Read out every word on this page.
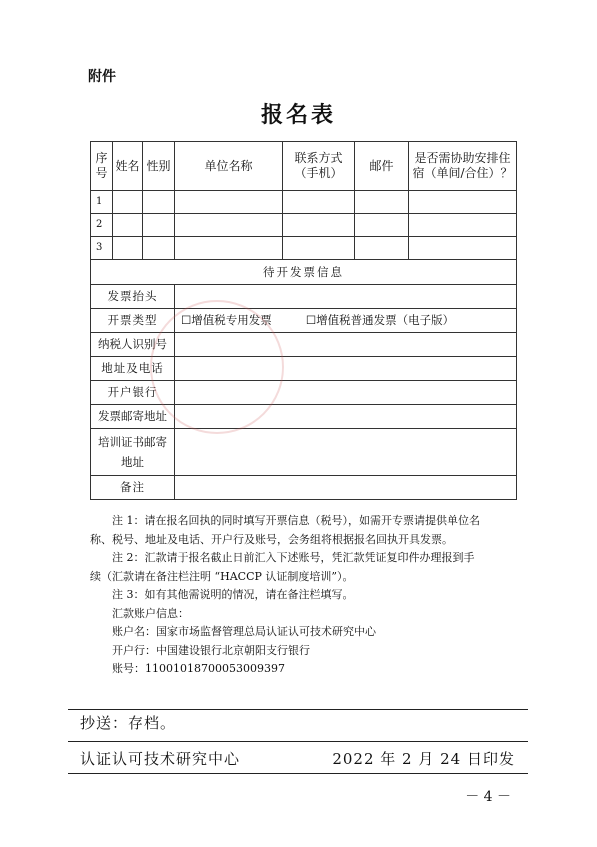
附件
报名表
序号	姓名	性别	单位名称	联系方式（手机）	邮件	是否需协助安排住宿（单间/合住）？
1						
2						
3						
待开发票信息						
发票抬头						
开票类型			☐增值税专用发票 ☐增值税普通发票（电子版）			
纳税人识别号						
地址及电话						
开户银行						
发票邮寄地址						

培训证书邮寄
地址						

备注						
注 1：请在报名回执的同时填写开票信息（税号），如需开专票请提供单位名
称、税号、地址及电话、开户行及账号，会务组将根据报名回执开具发票。
注 2：汇款请于报名截止日前汇入下述账号，凭汇款凭证复印件办理报到手
续（汇款请在备注栏注明 “HACCP 认证制度培训”）。
注 3：如有其他需说明的情况，请在备注栏填写。
汇款账户信息：
账户名：国家市场监督管理总局认证认可技术研究中心
开户行：中国建设银行北京朝阳支行银行
账号：11001018700053009397
抄送：存档。
认证认可技术研究中心	2022 年 2 月 24 日印发
－ 4 －
